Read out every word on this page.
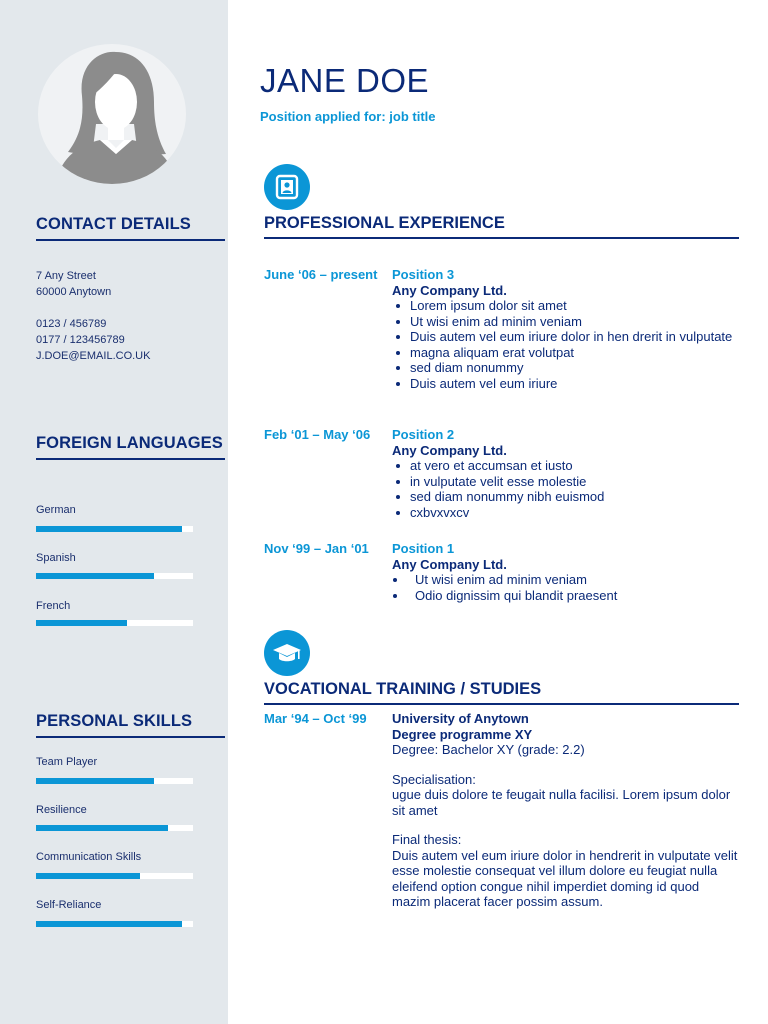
CONTACT DETAILS
7 Any Street
60000 Anytown
0123 / 456789
0177 / 123456789
J.DOE@EMAIL.CO.UK
FOREIGN LANGUAGES
German
Spanish
French
PERSONAL SKILLS
Team Player
Resilience
Communication Skills
Self-Reliance
JANE DOE
Position applied for: job title
PROFESSIONAL EXPERIENCE
June ‘06 – present	Position 3
Any Company Ltd.
Lorem ipsum dolor sit amet
Ut wisi enim ad minim veniam
Duis autem vel eum iriure dolor in hen drerit in vulputate
magna aliquam erat volutpat
sed diam nonummy
Duis autem vel eum iriure
Feb ‘01 – May ‘06	Position 2
Any Company Ltd.
at vero et accumsan et iusto
in vulputate velit esse molestie
sed diam nonummy nibh euismod
cxbvxvxcv
Nov ‘99 – Jan ‘01	Position 1
Any Company Ltd.
Ut wisi enim ad minim veniam
Odio dignissim qui blandit praesent
VOCATIONAL TRAINING / STUDIES
Mar ‘94 – Oct ‘99	University of Anytown
Degree programme XY
Degree: Bachelor XY (grade: 2.2)
Specialisation:
ugue duis dolore te feugait nulla facilisi. Lorem ipsum dolor sit amet
Final thesis:
Duis autem vel eum iriure dolor in hendrerit in vulputate velit esse molestie consequat vel illum dolore eu feugiat nulla eleifend option congue nihil imperdiet doming id quod mazim placerat facer possim assum.
